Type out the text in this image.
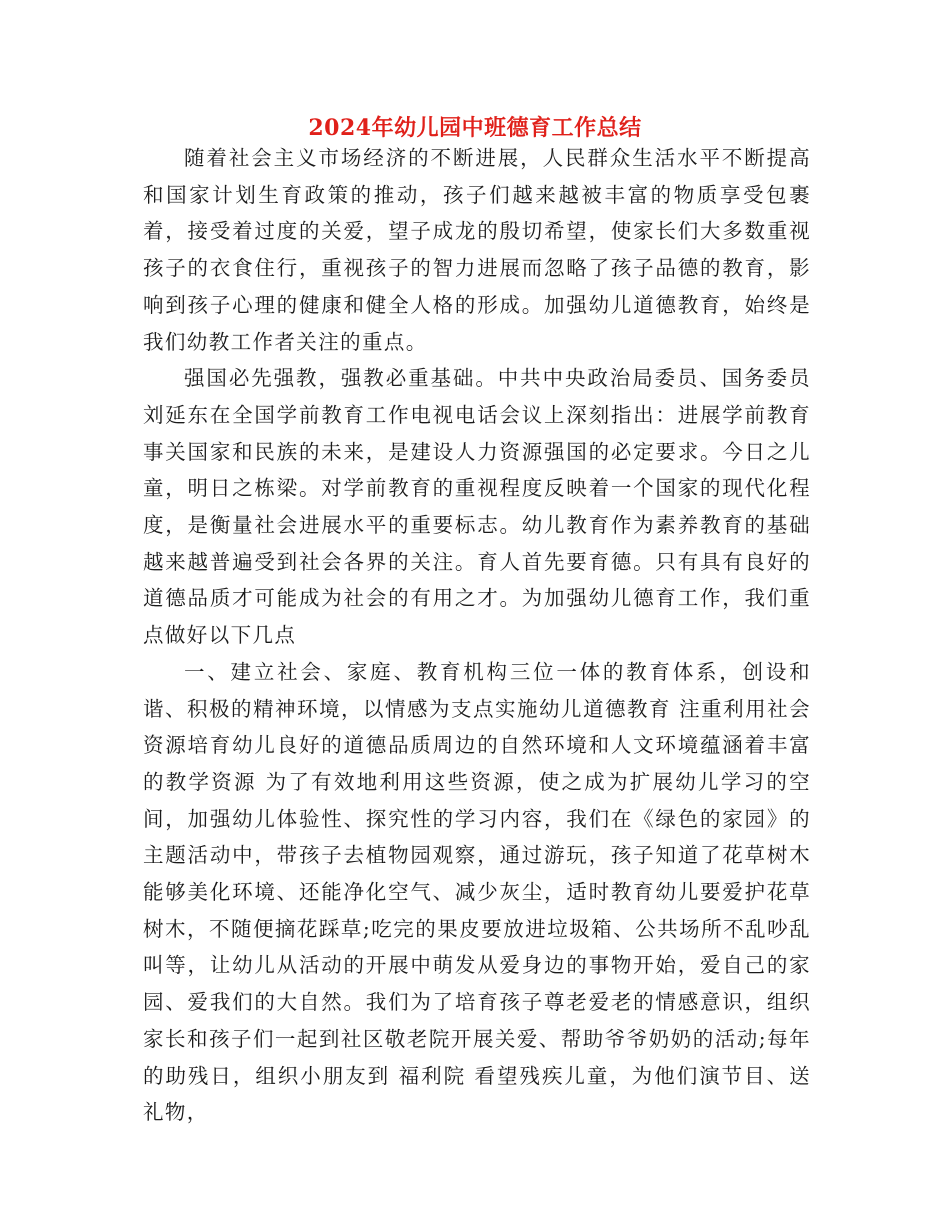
2024年幼儿园中班德育工作总结

随着社会主义市场经济的不断进展，人民群众生活水平不断提高和国家计划生育政策的推动，孩子们越来越被丰富的物质享受包裹着，接受着过度的关爱，望子成龙的殷切希望，使家长们大多数重视孩子的衣食住行，重视孩子的智力进展而忽略了孩子品德的教育，影响到孩子心理的健康和健全人格的形成。加强幼儿道德教育，始终是我们幼教工作者关注的重点。

强国必先强教，强教必重基础。中共中央政治局委员、国务委员刘延东在全国学前教育工作电视电话会议上深刻指出：进展学前教育事关国家和民族的未来，是建设人力资源强国的必定要求。今日之儿童，明日之栋梁。对学前教育的重视程度反映着一个国家的现代化程度，是衡量社会进展水平的重要标志。幼儿教育作为素养教育的基础越来越普遍受到社会各界的关注。育人首先要育德。只有具有良好的道德品质才可能成为社会的有用之才。为加强幼儿德育工作，我们重点做好以下几点

一、建立社会、家庭、教育机构三位一体的教育体系，创设和谐、积极的精神环境，以情感为支点实施幼儿道德教育 注重利用社会资源培育幼儿良好的道德品质周边的自然环境和人文环境蕴涵着丰富的教学资源 为了有效地利用这些资源，使之成为扩展幼儿学习的空间，加强幼儿体验性、探究性的学习内容，我们在《绿色的家园》的主题活动中，带孩子去植物园观察，通过游玩，孩子知道了花草树木能够美化环境、还能净化空气、减少灰尘，适时教育幼儿要爱护花草树木，不随便摘花踩草;吃完的果皮要放进垃圾箱、公共场所不乱吵乱叫等，让幼儿从活动的开展中萌发从爱身边的事物开始，爱自己的家园、爱我们的大自然。我们为了培育孩子尊老爱老的情感意识，组织家长和孩子们一起到社区敬老院开展关爱、帮助爷爷奶奶的活动;每年的助残日，组织小朋友到 福利院 看望残疾儿童，为他们演节目、送礼物，
